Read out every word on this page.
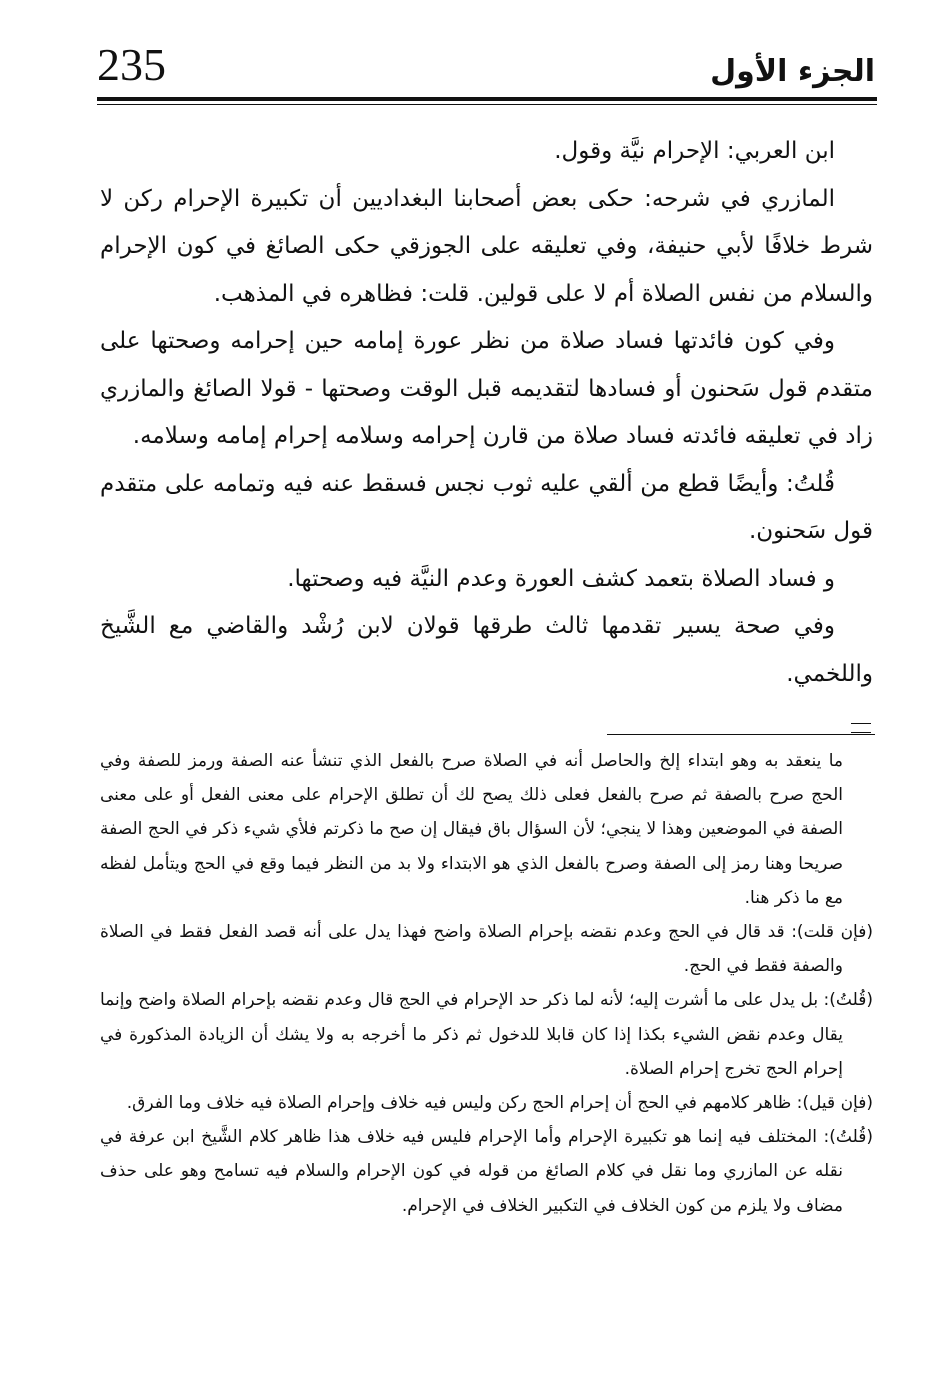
235	الجزء الأول

ابن العربي: الإحرام نيَّة وقول.

المازري في شرحه: حكى بعض أصحابنا البغداديين أن تكبيرة الإحرام ركن لا شرط خلافًا لأبي حنيفة، وفي تعليقه على الجوزقي حكى الصائغ في كون الإحرام والسلام من نفس الصلاة أم لا على قولين. قلت: فظاهره في المذهب.

وفي كون فائدتها فساد صلاة من نظر عورة إمامه حين إحرامه وصحتها على متقدم قول سَحنون أو فسادها لتقديمه قبل الوقت وصحتها - قولا الصائغ والمازري زاد في تعليقه فائدته فساد صلاة من قارن إحرامه وسلامه إحرام إمامه وسلامه.

قُلتُ: وأيضًا قطع من ألقي عليه ثوب نجس فسقط عنه فيه وتمامه على متقدم قول سَحنون.

و فساد الصلاة بتعمد كشف العورة وعدم النيَّة فيه وصحتها.

وفي صحة يسير تقدمها ثالث طرقها قولان لابن رُشْد والقاضي مع الشَّيخ واللخمي.

ما ينعقد به وهو ابتداء إلخ والحاصل أنه في الصلاة صرح بالفعل الذي تنشأ عنه الصفة ورمز للصفة وفي الحج صرح بالصفة ثم صرح بالفعل فعلى ذلك يصح لك أن تطلق الإحرام على معنى الفعل أو على معنى الصفة في الموضعين وهذا لا ينجي؛ لأن السؤال باق فيقال إن صح ما ذكرتم فلأي شيء ذكر في الحج الصفة صريحا وهنا رمز إلى الصفة وصرح بالفعل الذي هو الابتداء ولا بد من النظر فيما وقع في الحج ويتأمل لفظه مع ما ذكر هنا.

(فإن قلت): قد قال في الحج وعدم نقضه بإحرام الصلاة واضح فهذا يدل على أنه قصد الفعل فقط في الصلاة والصفة فقط في الحج.

(قُلتُ): بل يدل على ما أشرت إليه؛ لأنه لما ذكر حد الإحرام في الحج قال وعدم نقضه بإحرام الصلاة واضح وإنما يقال وعدم نقض الشيء بكذا إذا كان قابلا للدخول ثم ذكر ما أخرجه به ولا يشك أن الزيادة المذكورة في إحرام الحج تخرج إحرام الصلاة.

(فإن قيل): ظاهر كلامهم في الحج أن إحرام الحج ركن وليس فيه خلاف وإحرام الصلاة فيه خلاف وما الفرق.

(قُلتُ): المختلف فيه إنما هو تكبيرة الإحرام وأما الإحرام فليس فيه خلاف هذا ظاهر كلام الشَّيخ ابن عرفة في نقله عن المازري وما نقل في كلام الصائغ من قوله في كون الإحرام والسلام فيه تسامح وهو على حذف مضاف ولا يلزم من كون الخلاف في التكبير الخلاف في الإحرام.
